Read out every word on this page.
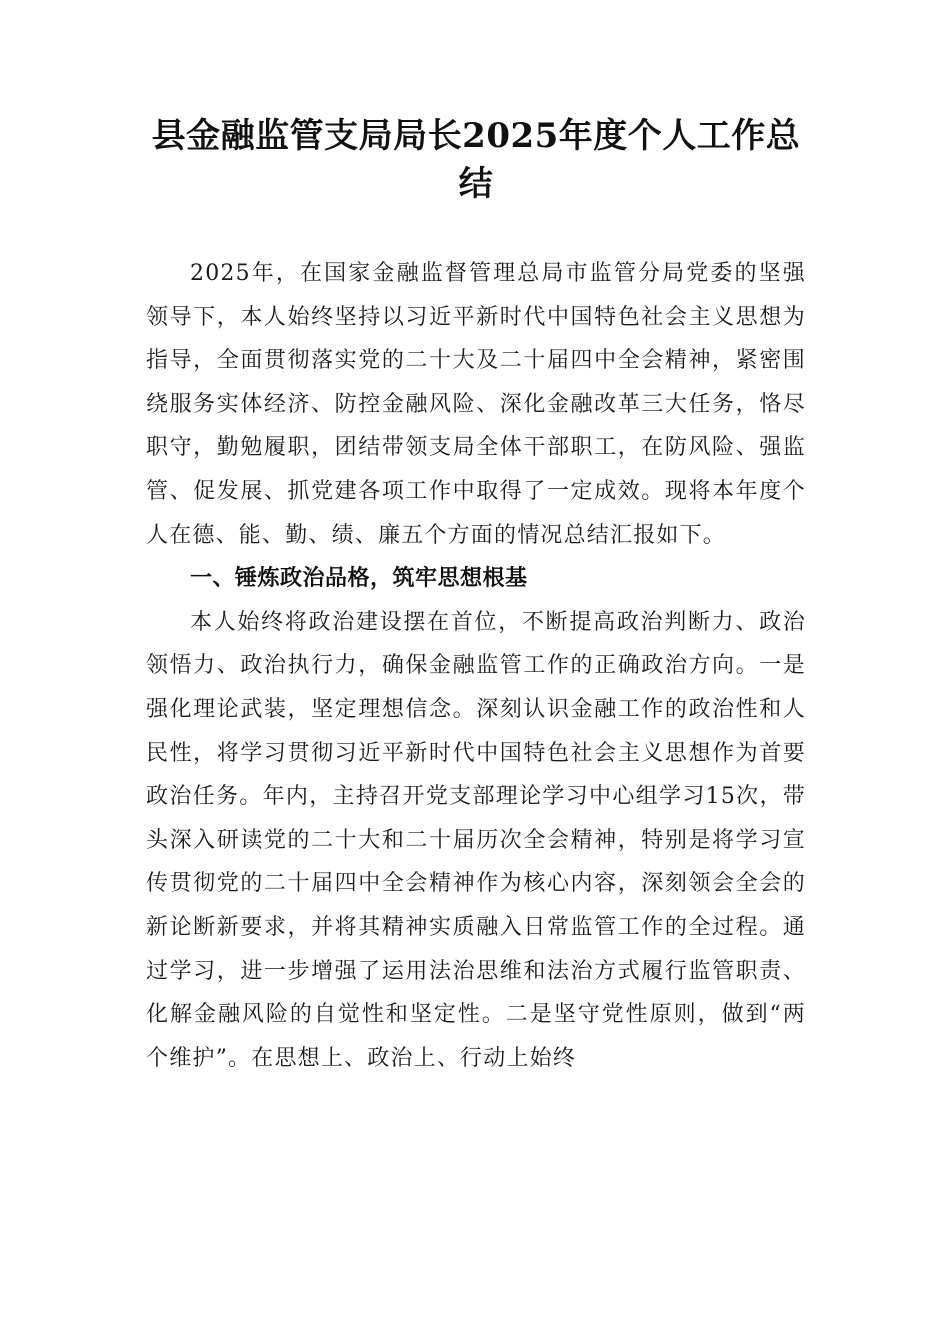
县金融监管支局局长2025年度个人工作总结

2025年，在国家金融监督管理总局市监管分局党委的坚强领导下，本人始终坚持以习近平新时代中国特色社会主义思想为指导，全面贯彻落实党的二十大及二十届四中全会精神，紧密围绕服务实体经济、防控金融风险、深化金融改革三大任务，恪尽职守，勤勉履职，团结带领支局全体干部职工，在防风险、强监管、促发展、抓党建各项工作中取得了一定成效。现将本年度个人在德、能、勤、绩、廉五个方面的情况总结汇报如下。

一、锤炼政治品格，筑牢思想根基

本人始终将政治建设摆在首位，不断提高政治判断力、政治领悟力、政治执行力，确保金融监管工作的正确政治方向。一是强化理论武装，坚定理想信念。深刻认识金融工作的政治性和人民性，将学习贯彻习近平新时代中国特色社会主义思想作为首要政治任务。年内，主持召开党支部理论学习中心组学习15次，带头深入研读党的二十大和二十届历次全会精神，特别是将学习宣传贯彻党的二十届四中全会精神作为核心内容，深刻领会全会的新论断新要求，并将其精神实质融入日常监管工作的全过程。通过学习，进一步增强了运用法治思维和法治方式履行监管职责、化解金融风险的自觉性和坚定性。二是坚守党性原则，做到“两个维护”。在思想上、政治上、行动上始终
